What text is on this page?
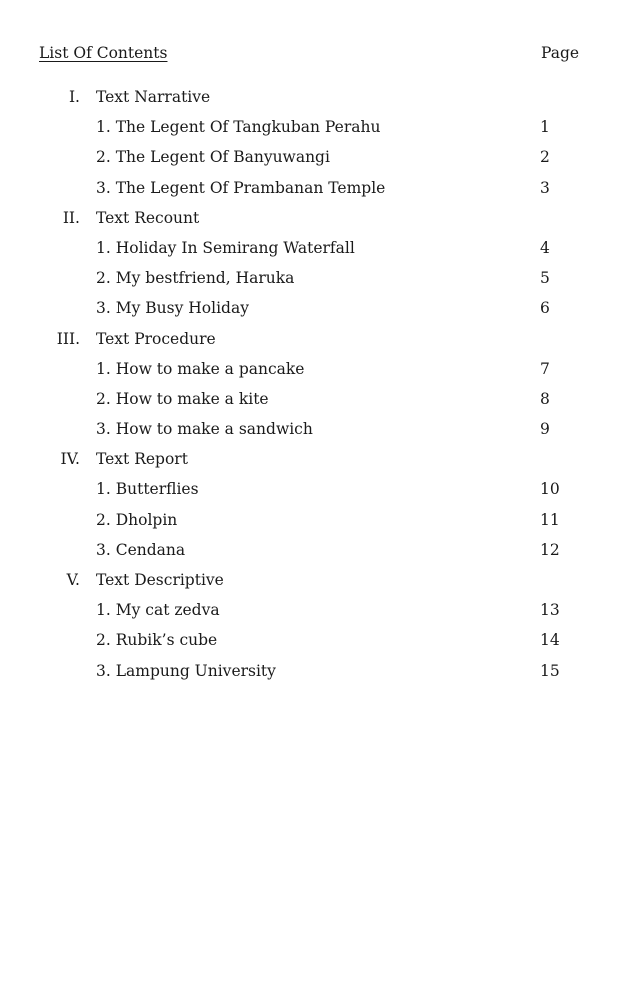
List Of Contents	Page
I. Text Narrative
1. The Legent Of Tangkuban Perahu	1
2. The Legent Of Banyuwangi	2
3. The Legent Of Prambanan Temple	3
II. Text Recount
1. Holiday In Semirang Waterfall	4
2. My bestfriend, Haruka	5
3. My Busy Holiday	6
III. Text Procedure
1. How to make a pancake	7
2. How to make a kite	8
3. How to make a sandwich	9
IV. Text Report
1. Butterflies	10
2. Dholpin	11
3. Cendana	12
V. Text Descriptive
1. My cat zedva	13
2. Rubik’s cube	14
3. Lampung University	15
